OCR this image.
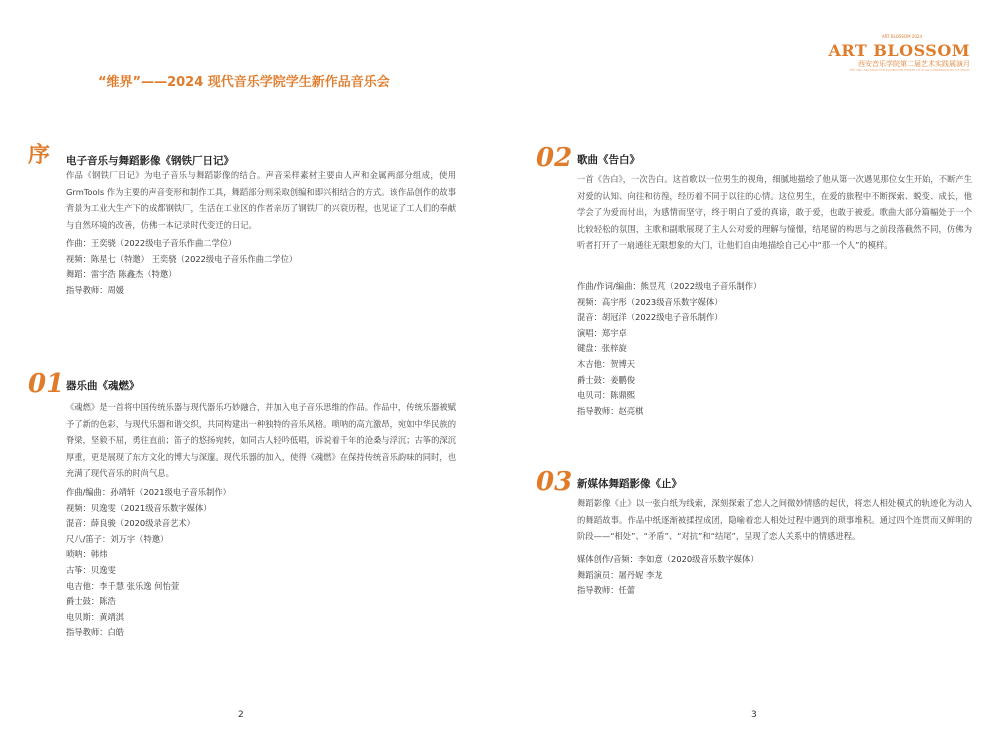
“维界”——2024 现代音乐学院学生新作品音乐会
ART BLOSSOM 2024
ART BLOSSOM
西安音乐学院第二届艺术实践展演月
THE 2ND ART PRACTICE EXHIBITION MONTH OF XI'AN CONSERVATORY OF MUSIC
序 电子音乐与舞蹈影像《钢铁厂日记》
作品《钢铁厂日记》为电子音乐与舞蹈影像的结合。声音采样素材主要由人声和金属两部分组成，使用 GrmTools 作为主要的声音变形和制作工具，舞蹈部分则采取创编和即兴相结合的方式。该作品创作的故事背景为工业大生产下的成都钢铁厂，生活在工业区的作者亲历了钢铁厂的兴衰历程，也见证了工人们的奉献与自然环境的改善，仿佛一本记录时代变迁的日记。
作曲：王奕骁（2022级电子音乐作曲二学位）
视频：陈星七（特邀） 王奕骁（2022级电子音乐作曲二学位）
舞蹈：雷宇浩 陈鑫杰（特邀）
指导教师：周媛
01 器乐曲《魂燃》
《魂燃》是一首将中国传统乐器与现代器乐巧妙融合，并加入电子音乐思维的作品。作品中，传统乐器被赋予了新的色彩，与现代乐器和谐交织，共同构建出一种独特的音乐风格。唢呐的高亢激昂，宛如中华民族的脊梁，坚毅不屈，勇往直前；笛子的悠扬宛转，如同古人轻吟低唱，诉说着千年的沧桑与浮沉；古筝的深沉厚重，更是展现了东方文化的博大与深邃。现代乐器的加入，使得《魂燃》在保持传统音乐韵味的同时，也充满了现代音乐的时尚气息。
作曲/编曲：孙靖轩（2021级电子音乐制作）
视频：贝逸雯（2021级音乐数字媒体）
混音：薛良骏（2020级录音艺术）
尺八/笛子：刘万宇（特邀）
唢呐：韩炜
古筝：贝逸雯
电吉他：李千慧 张乐逸 何怡萱
爵士鼓：陈浩
电贝斯：黄靖淇
指导教师：白皓
02 歌曲《告白》
一首《告白》，一次告白。这首歌以一位男生的视角，细腻地描绘了他从第一次遇见那位女生开始，不断产生对爱的认知、向往和彷徨，经历着不同于以往的心情。这位男生，在爱的旅程中不断探索、蜕变、成长，他学会了为爱而付出，为感情而坚守，终于明白了爱的真谛，敢于爱，也敢于被爱。歌曲大部分篇幅处于一个比较轻松的氛围，主歌和副歌展现了主人公对爱的理解与憧憬，结尾留的构思与之前段落截然不同，仿佛为听者打开了一扇通往无限想象的大门，让他们自由地描绘自己心中“那一个人”的模样。
作曲/作词/编曲：熊昱芃（2022级电子音乐制作）
视频：高宇彤（2023级音乐数字媒体）
混音：胡冠洋（2022级电子音乐制作）
演唱：郑宇卓
键盘：张梓旋
木吉他：贺博天
爵士鼓：姜鹏俊
电贝司：陈鼎熙
指导教师：赵亮棋
03 新媒体舞蹈影像《止》
舞蹈影像《止》以一张白纸为线索，深刻探索了恋人之间微妙情感的起伏，将恋人相处模式的轨迹化为动人的舞蹈故事。作品中纸逐渐被揉捏成团，隐喻着恋人相处过程中遇到的琐事堆积。通过四个连贯而又鲜明的阶段——“相处”、“矛盾”、“对抗”和“结尾”，呈现了恋人关系中的情感进程。
媒体创作/音频：李如意（2020级音乐数字媒体）
舞蹈演员：屠丹妮 李龙
指导教师：任蕾
2	3
